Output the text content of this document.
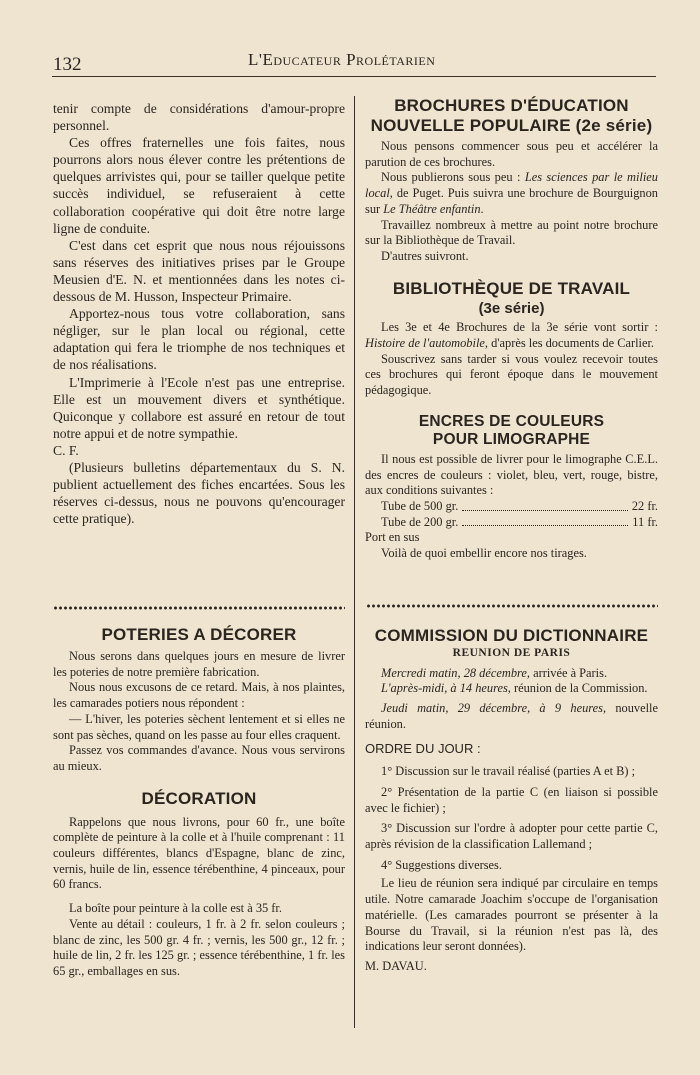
132	L'Educateur Prolétarien

tenir compte de considérations d'amour-propre personnel.

Ces offres fraternelles une fois faites, nous pourrons alors nous élever contre les prétentions de quelques arrivistes qui, pour se tailler quelque petite succès individuel, se refuseraient à cette collaboration coopérative qui doit être notre large ligne de conduite.

C'est dans cet esprit que nous nous réjouissons sans réserves des initiatives prises par le Groupe Meusien d'E. N. et mentionnées dans les notes ci-dessous de M. Husson, Inspecteur Primaire.

Apportez-nous tous votre collaboration, sans négliger, sur le plan local ou régional, cette adaptation qui fera le triomphe de nos techniques et de nos réalisations.

L'Imprimerie à l'Ecole n'est pas une entreprise. Elle est un mouvement divers et synthétique. Quiconque y collabore est assuré en retour de tout notre appui et de notre sympathie.

C. F.

(Plusieurs bulletins départementaux du S. N. publient actuellement des fiches encartées. Sous les réserves ci-dessus, nous ne pouvons qu'encourager cette pratique).

BROCHURES D'ÉDUCATION
NOUVELLE POPULAIRE (2e série)

Nous pensons commencer sous peu et accélérer la parution de ces brochures.

Nous publierons sous peu : Les sciences par le milieu local, de Puget. Puis suivra une brochure de Bourguignon sur Le Théâtre enfantin.

Travaillez nombreux à mettre au point notre brochure sur la Bibliothèque de Travail.

D'autres suivront.

BIBLIOTHÈQUE DE TRAVAIL
(3e série)

Les 3e et 4e Brochures de la 3e série vont sortir : Histoire de l'automobile, d'après les documents de Carlier.

Souscrivez sans tarder si vous voulez recevoir toutes ces brochures qui feront époque dans le mouvement pédagogique.

ENCRES DE COULEURS
POUR LIMOGRAPHE

Il nous est possible de livrer pour le limographe C.E.L. des encres de couleurs : violet, bleu, vert, rouge, bistre, aux conditions suivantes :

Tube de 500 gr.	22 fr.
Tube de 200 gr.	11 fr.

Port en sus

Voilà de quoi embellir encore nos tirages.

POTERIES A DÉCORER

Nous serons dans quelques jours en mesure de livrer les poteries de notre première fabrication.

Nous nous excusons de ce retard. Mais, à nos plaintes, les camarades potiers nous répondent :

— L'hiver, les poteries sèchent lentement et si elles ne sont pas sèches, quand on les passe au four elles craquent.

Passez vos commandes d'avance. Nous vous servirons au mieux.

DÉCORATION

Rappelons que nous livrons, pour 60 fr., une boîte complète de peinture à la colle et à l'huile comprenant : 11 couleurs différentes, blancs d'Espagne, blanc de zinc, vernis, huile de lin, essence térébenthine, 4 pinceaux, pour 60 francs.

La boîte pour peinture à la colle est à 35 fr.

Vente au détail : couleurs, 1 fr. à 2 fr. selon couleurs ; blanc de zinc, les 500 gr. 4 fr. ; vernis, les 500 gr., 12 fr. ; huile de lin, 2 fr. les 125 gr. ; essence térébenthine, 1 fr. les 65 gr., emballages en sus.

COMMISSION DU DICTIONNAIRE
REUNION DE PARIS

Mercredi matin, 28 décembre, arrivée à Paris.

L'après-midi, à 14 heures, réunion de la Commission.

Jeudi matin, 29 décembre, à 9 heures, nouvelle réunion.

ORDRE DU JOUR :

1° Discussion sur le travail réalisé (parties A et B) ;

2° Présentation de la partie C (en liaison si possible avec le fichier) ;

3° Discussion sur l'ordre à adopter pour cette partie C, après révision de la classification Lallemand ;

4° Suggestions diverses.

Le lieu de réunion sera indiqué par circulaire en temps utile. Notre camarade Joachim s'occupe de l'organisation matérielle. (Les camarades pourront se présenter à la Bourse du Travail, si la réunion n'est pas là, des indications leur seront données).

M. DAVAU.
